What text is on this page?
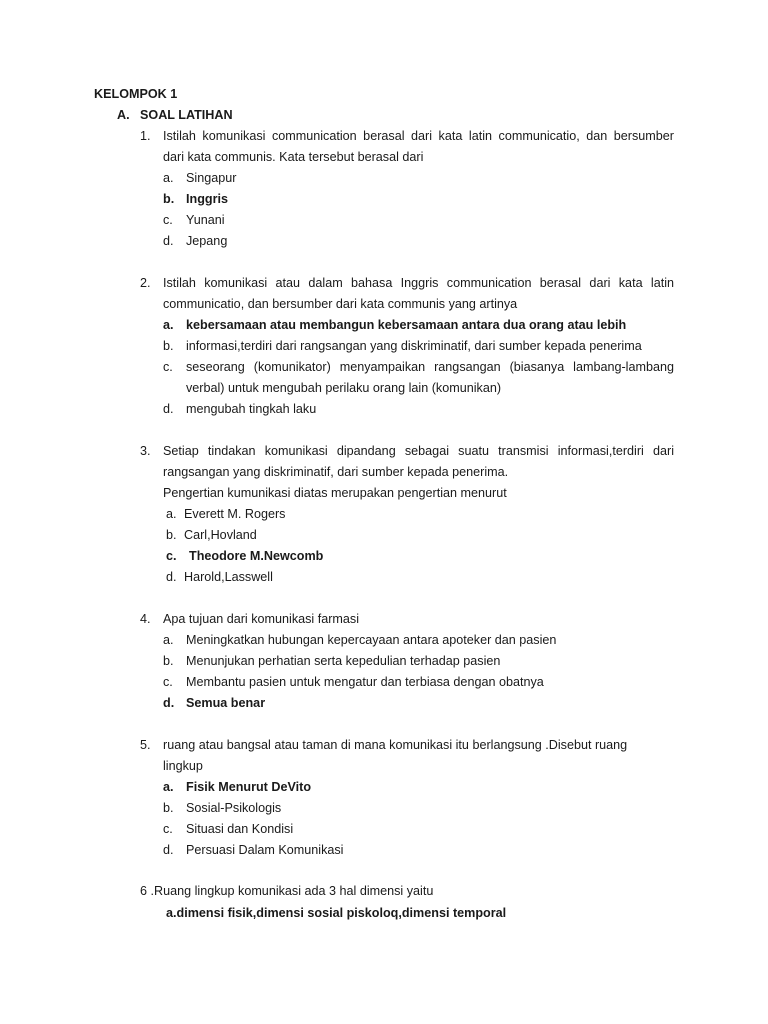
KELOMPOK 1
A. SOAL LATIHAN
1. Istilah komunikasi communication berasal dari kata latin communicatio, dan bersumber
dari kata communis. Kata tersebut berasal dari
a. Singapur
b. Inggris
c. Yunani
d. Jepang
2. Istilah komunikasi atau dalam bahasa Inggris communication berasal dari kata latin
communicatio, dan bersumber dari kata communis yang artinya
a. kebersamaan atau membangun kebersamaan antara dua orang atau lebih
b. informasi,terdiri dari rangsangan yang diskriminatif, dari sumber kepada penerima
c. seseorang (komunikator) menyampaikan rangsangan (biasanya lambang-lambang
verbal) untuk mengubah perilaku orang lain (komunikan)
d. mengubah tingkah laku
3. Setiap tindakan komunikasi dipandang sebagai suatu transmisi informasi,terdiri dari
rangsangan yang diskriminatif, dari sumber kepada penerima.
Pengertian kumunikasi diatas merupakan pengertian menurut
a. Everett M. Rogers
b. Carl,Hovland
c. Theodore M.Newcomb
d. Harold,Lasswell
4. Apa tujuan dari komunikasi farmasi
a. Meningkatkan hubungan kepercayaan antara apoteker dan pasien
b. Menunjukan perhatian serta kepedulian terhadap pasien
c. Membantu pasien untuk mengatur dan terbiasa dengan obatnya
d. Semua benar
5. ruang atau bangsal atau taman di mana komunikasi itu berlangsung .Disebut ruang
lingkup
a. Fisik Menurut DeVito
b. Sosial-Psikologis
c. Situasi dan Kondisi
d. Persuasi Dalam Komunikasi
6 .Ruang lingkup komunikasi ada 3 hal dimensi yaitu
a.dimensi fisik,dimensi sosial piskoloq,dimensi temporal
